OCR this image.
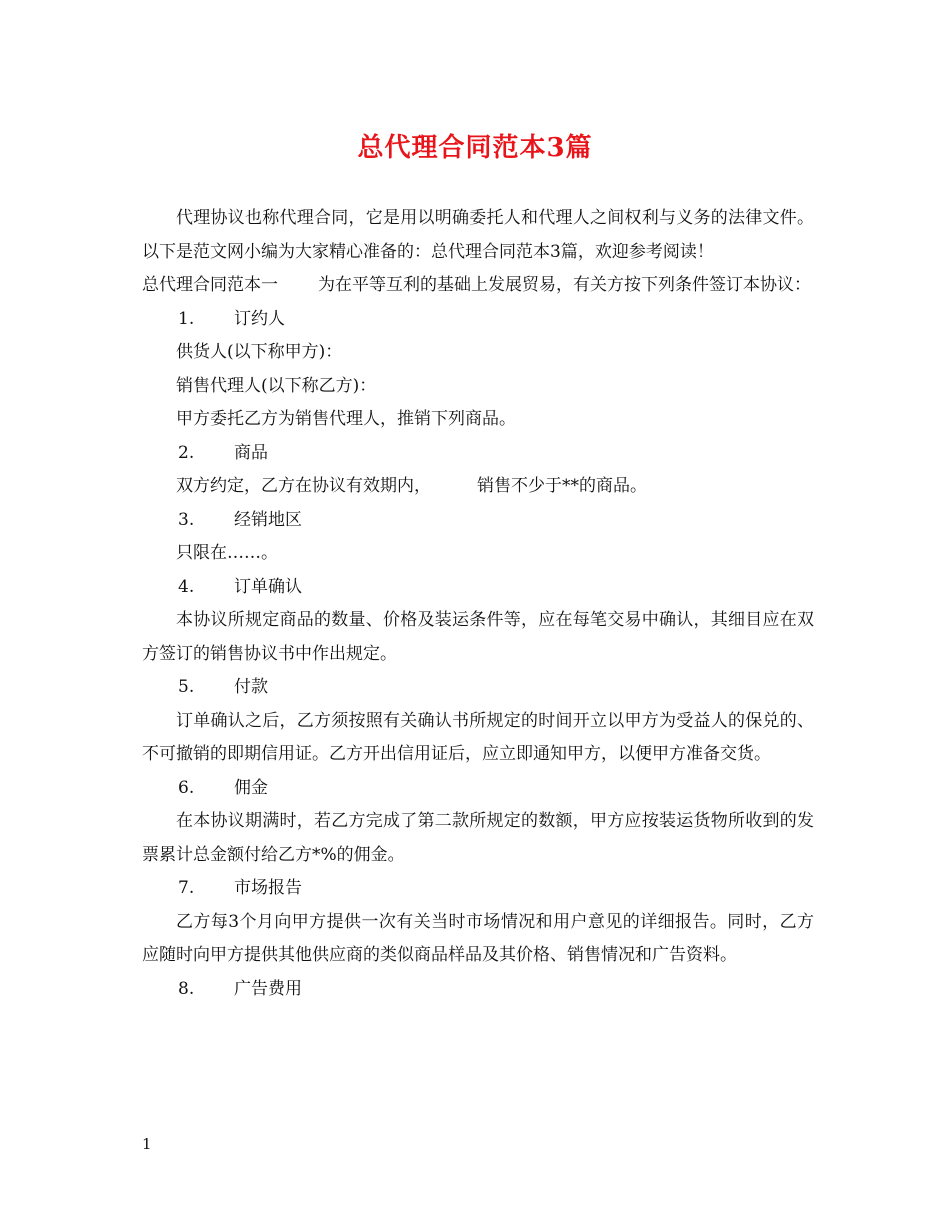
总代理合同范本3篇

代理协议也称代理合同，它是用以明确委托人和代理人之间权利与义务的法律文件。以下是范文网小编为大家精心准备的：总代理合同范本3篇，欢迎参考阅读！

总代理合同范本一 为在平等互利的基础上发展贸易，有关方按下列条件签订本协议：

1. 订约人

供货人(以下称甲方)：

销售代理人(以下称乙方)：

甲方委托乙方为销售代理人，推销下列商品。

2. 商品

双方约定，乙方在协议有效期内，	销售不少于**的商品。

3. 经销地区

只限在……。

4. 订单确认

本协议所规定商品的数量、价格及装运条件等，应在每笔交易中确认，其细目应在双方签订的销售协议书中作出规定。

5. 付款

订单确认之后，乙方须按照有关确认书所规定的时间开立以甲方为受益人的保兑的、不可撤销的即期信用证。乙方开出信用证后，应立即通知甲方，以便甲方准备交货。

6. 佣金

在本协议期满时，若乙方完成了第二款所规定的数额，甲方应按装运货物所收到的发票累计总金额付给乙方*%的佣金。

7. 市场报告

乙方每3个月向甲方提供一次有关当时市场情况和用户意见的详细报告。同时，乙方应随时向甲方提供其他供应商的类似商品样品及其价格、销售情况和广告资料。

8. 广告费用

1
